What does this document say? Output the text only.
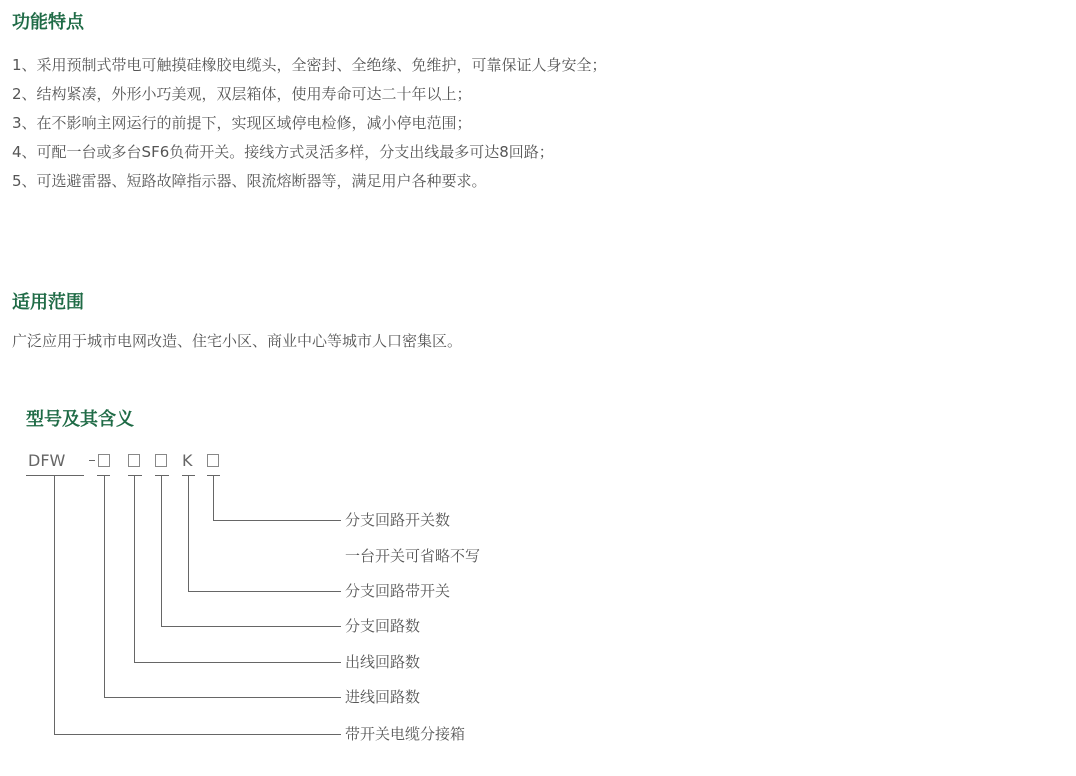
功能特点
1、采用预制式带电可触摸硅橡胶电缆头，全密封、全绝缘、免维护，可靠保证人身安全；
2、结构紧凑，外形小巧美观，双层箱体，使用寿命可达二十年以上；
3、在不影响主网运行的前提下，实现区域停电检修，减小停电范围；
4、可配一台或多台SF6负荷开关。接线方式灵活多样，分支出线最多可达8回路；
5、可选避雷器、短路故障指示器、限流熔断器等，满足用户各种要求。
适用范围

广泛应用于城市电网改造、住宅小区、商业中心等城市人口密集区。

型号及其含义
DFW	K
分支回路开关数
一台开关可省略不写
分支回路带开关
分支回路数
出线回路数
进线回路数
带开关电缆分接箱
